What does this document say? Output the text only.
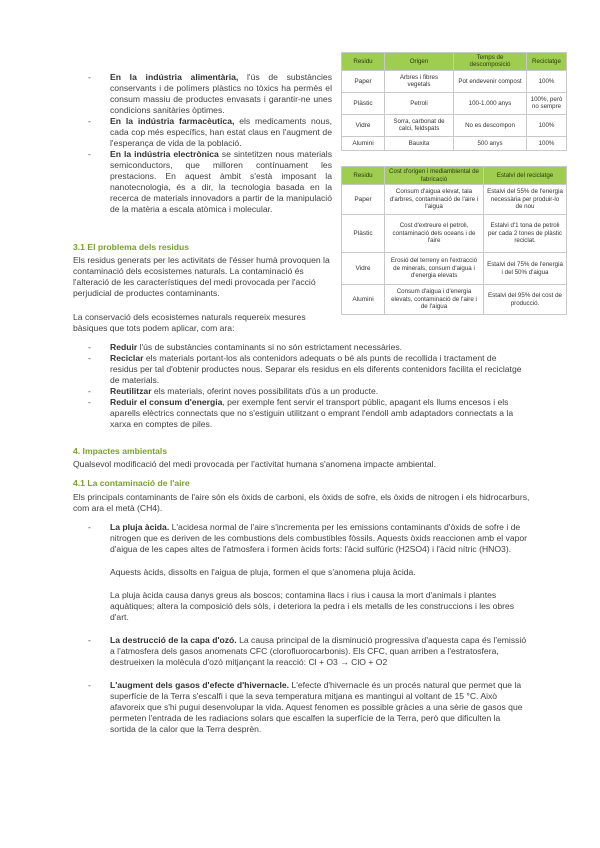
- En la indústria alimentària, l'ús de substàncies conservants i de polímers plàstics no tòxics ha permès el consum massiu de productes envasats i garantir-ne unes condicions sanitàries òptimes.
- En la indústria farmacèutica, els medicaments nous, cada cop més específics, han estat claus en l'augment de l'esperança de vida de la població.
- En la indústria electrònica se sintetitzen nous materials semiconductors, que milloren contínuament les prestacions. En aquest àmbit s'està imposant la nanotecnologia, és a dir, la tecnologia basada en la recerca de materials innovadors a partir de la manipulació de la matèria a escala atòmica i molecular.
Residu	Origen	Temps de descomposició	Reciclatge
Paper	Arbres i fibres vegetals	Pot endevenir compost	100%
Plàstic	Petroli	100-1.000 anys	100%, però no sempre
Vidre	Sorra, carbonat de calci, feldspats	No es descompon	100%
Alumini	Bauxita	500 anys	100%
Residu	Cost d'origen i mediambiental de fabricació	Estalvi del reciclatge
Paper	Consum d'aigua elevat, tala d'arbres, contaminació de l'aire i l'aigua	Estalvi del 55% de l'energia necessària per produir-lo de nou
Plàstic	Cost d'extreure el petroli, contaminació dels oceans i de l'aire	Estalvi d'1 tona de petroli per cada 2 tones de plàstic reciclat.
Vidre	Erosió del terreny en l'extracció de minerals, consum d'aigua i d'energia elevats	Estalvi del 75% de l'energia i del 50% d'aigua
Alumini	Consum d'aigua i d'energia elevats, contaminació de l'aire i de l'aigua	Estalvi del 95% del cost de producció.
3.1 El problema dels residus
Els residus generats per les activitats de l'ésser humà provoquen la contaminació dels ecosistemes naturals. La contaminació és l'alteració de les característiques del medi provocada per l'acció perjudicial de productes contaminants.
La conservació dels ecosistemes naturals requereix mesures bàsiques que tots podem aplicar, com ara:
- Reduir l'ús de substàncies contaminants si no són estrictament necessàries.
- Reciclar els materials portant-los als contenidors adequats o bé als punts de recollida i tractament de residus per tal d'obtenir productes nous. Separar els residus en els diferents contenidors facilita el reciclatge de materials.
- Reutilitzar els materials, oferint noves possibilitats d'ús a un producte.
- Reduir el consum d'energia, per exemple fent servir el transport públic, apagant els llums encesos i els aparells elèctrics connectats que no s'estiguin utilitzant o emprant l'endoll amb adaptadors connectats a la xarxa en comptes de piles.
4. Impactes ambientals
Qualsevol modificació del medi provocada per l'activitat humana s'anomena impacte ambiental.
4.1 La contaminació de l'aire
Els principals contaminants de l'aire són els òxids de carboni, els òxids de sofre, els òxids de nitrogen i els hidrocarburs, com ara el metà (CH4).
- La pluja àcida. L'acidesa normal de l'aire s'incrementa per les emissions contaminants d'òxids de sofre i de nitrogen que es deriven de les combustions dels combustibles fòssils. Aquests òxids reaccionen amb el vapor d'aigua de les capes altes de l'atmosfera i formen àcids forts: l'àcid sulfúric (H2SO4) i l'àcid nítric (HNO3).
Aquests àcids, dissolts en l'aigua de pluja, formen el que s'anomena pluja àcida.
La pluja àcida causa danys greus als boscos; contamina llacs i rius i causa la mort d'animals i plantes aquàtiques; altera la composició dels sòls, i deteriora la pedra i els metalls de les construccions i les obres d'art.
- La destrucció de la capa d'ozó. La causa principal de la disminució progressiva d'aquesta capa és l'emissió a l'atmosfera dels gasos anomenats CFC (clorofluorocarbonis). Els CFC, quan arriben a l'estratosfera, destrueixen la molècula d'ozó mitjançant la reacció: Cl + O3 → ClO + O2
- L'augment dels gasos d'efecte d'hivernacle. L'efecte d'hivernacle és un procés natural que permet que la superfície de la Terra s'escalfi i que la seva temperatura mitjana es mantingui al voltant de 15 °C. Això afavoreix que s'hi pugui desenvolupar la vida. Aquest fenomen es possible gràcies a una sèrie de gasos que permeten l'entrada de les radiacions solars que escalfen la superfície de la Terra, però que dificulten la sortida de la calor que la Terra desprèn.
